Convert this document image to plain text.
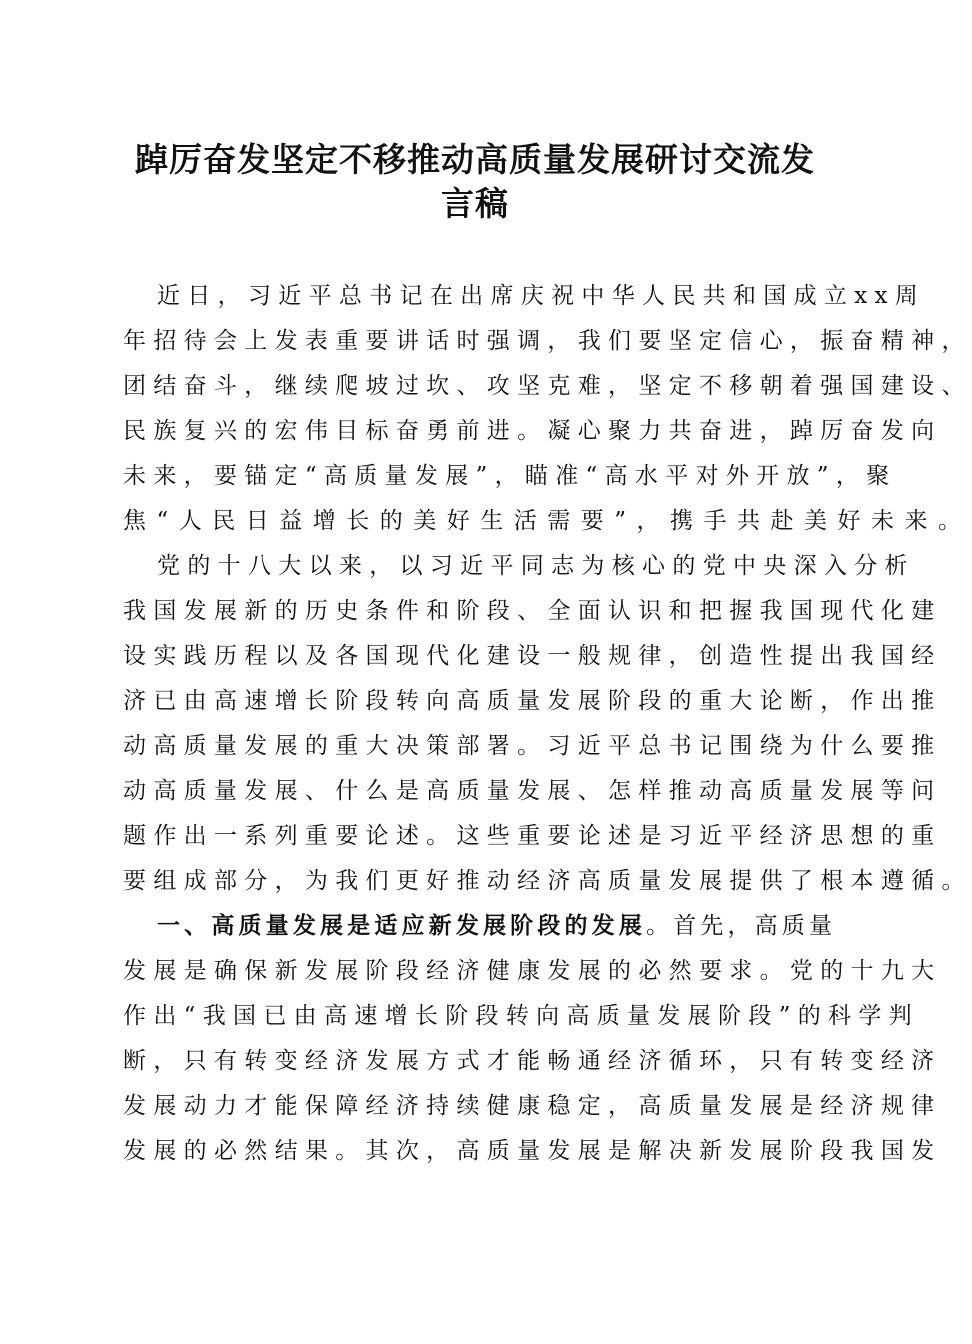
踔厉奋发坚定不移推动高质量发展研讨交流发
言稿
近 日 ， 习 近 平 总 书 记 在 出 席 庆 祝 中 华 人 民 共 和 国 成 立 x x 周
年 招 待 会 上 发 表 重 要 讲 话 时 强 调 ， 我 们 要 坚 定 信 心 ， 振 奋 精 神 ，
团 结 奋 斗 ， 继 续 爬 坡 过 坎 、 攻 坚 克 难 ， 坚 定 不 移 朝 着 强 国 建 设 、
民 族 复 兴 的 宏 伟 目 标 奋 勇 前 进 。 凝 心 聚 力 共 奋 进 ， 踔 厉 奋 发 向
未 来 ， 要 锚 定 “ 高 质 量 发 展 ” ， 瞄 准 “ 高 水 平 对 外 开 放 ” ， 聚
焦“人民日益增长的美好生活需要”，携手共赴美好未来。
党 的 十 八 大 以 来 ， 以 习 近 平 同 志 为 核 心 的 党 中 央 深 入 分 析
我 国 发 展 新 的 历 史 条 件 和 阶 段 、 全 面 认 识 和 把 握 我 国 现 代 化 建
设 实 践 历 程 以 及 各 国 现 代 化 建 设 一 般 规 律 ， 创 造 性 提 出 我 国 经
济 已 由 高 速 增 长 阶 段 转 向 高 质 量 发 展 阶 段 的 重 大 论 断 ， 作 出 推
动 高 质 量 发 展 的 重 大 决 策 部 署 。 习 近 平 总 书 记 围 绕 为 什 么 要 推
动 高 质 量 发 展 、 什 么 是 高 质 量 发 展 、 怎 样 推 动 高 质 量 发 展 等 问
题 作 出 一 系 列 重 要 论 述 。 这 些 重 要 论 述 是 习 近 平 经 济 思 想 的 重
要 组 成 部 分 ， 为 我 们 更 好 推 动 经 济 高 质 量 发 展 提 供 了 根 本 遵 循 。
一、高质量发展是适应新发展阶段的发展。首先，高质量
发 展 是 确 保 新 发 展 阶 段 经 济 健 康 发 展 的 必 然 要 求 。 党 的 十 九 大
作 出 “ 我 国 已 由 高 速 增 长 阶 段 转 向 高 质 量 发 展 阶 段 ” 的 科 学 判
断 ， 只 有 转 变 经 济 发 展 方 式 才 能 畅 通 经 济 循 环 ， 只 有 转 变 经 济
发 展 动 力 才 能 保 障 经 济 持 续 健 康 稳 定 ， 高 质 量 发 展 是 经 济 规 律
发 展 的 必 然 结 果 。 其 次 ， 高 质 量 发 展 是 解 决 新 发 展 阶 段 我 国 发
